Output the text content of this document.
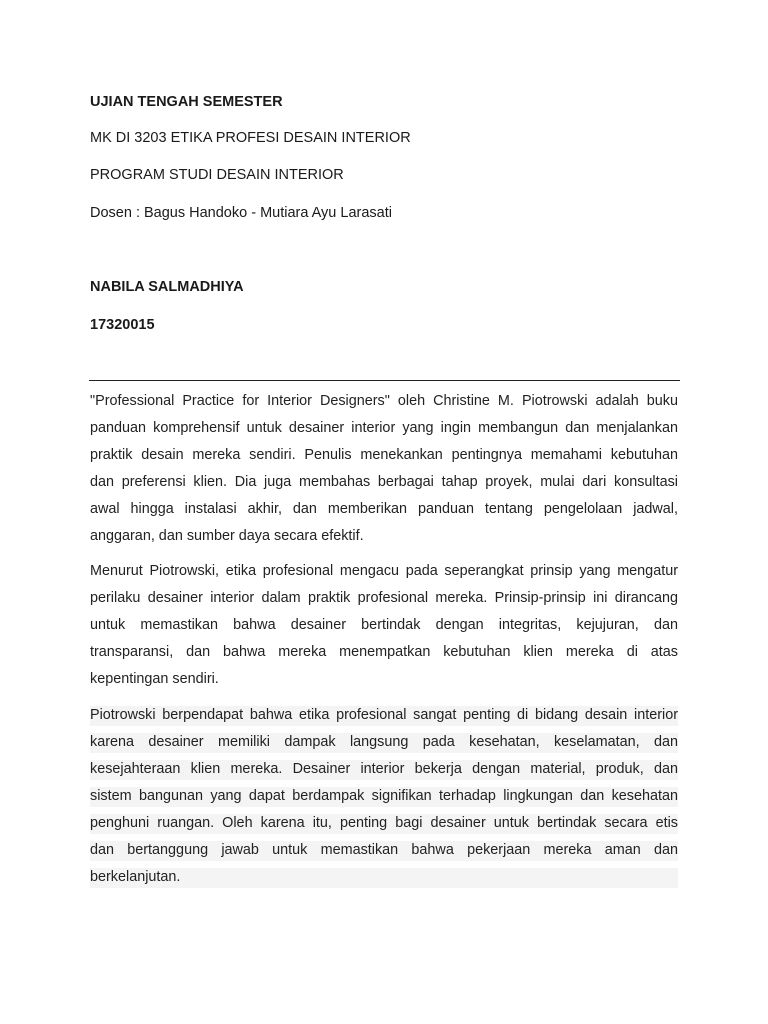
UJIAN TENGAH SEMESTER
MK DI 3203 ETIKA PROFESI DESAIN INTERIOR
PROGRAM STUDI DESAIN INTERIOR
Dosen : Bagus Handoko - Mutiara Ayu Larasati
NABILA SALMADHIYA
17320015
"Professional Practice for Interior Designers" oleh Christine M. Piotrowski adalah buku
panduan komprehensif untuk desainer interior yang ingin membangun dan menjalankan
praktik desain mereka sendiri. Penulis menekankan pentingnya memahami kebutuhan
dan preferensi klien. Dia juga membahas berbagai tahap proyek, mulai dari konsultasi
awal hingga instalasi akhir, dan memberikan panduan tentang pengelolaan jadwal,
anggaran, dan sumber daya secara efektif.
Menurut Piotrowski, etika profesional mengacu pada seperangkat prinsip yang mengatur
perilaku desainer interior dalam praktik profesional mereka. Prinsip-prinsip ini dirancang
untuk memastikan bahwa desainer bertindak dengan integritas, kejujuran, dan
transparansi, dan bahwa mereka menempatkan kebutuhan klien mereka di atas
kepentingan sendiri.
Piotrowski berpendapat bahwa etika profesional sangat penting di bidang desain interior
karena desainer memiliki dampak langsung pada kesehatan, keselamatan, dan
kesejahteraan klien mereka. Desainer interior bekerja dengan material, produk, dan
sistem bangunan yang dapat berdampak signifikan terhadap lingkungan dan kesehatan
penghuni ruangan. Oleh karena itu, penting bagi desainer untuk bertindak secara etis
dan bertanggung jawab untuk memastikan bahwa pekerjaan mereka aman dan
berkelanjutan.
